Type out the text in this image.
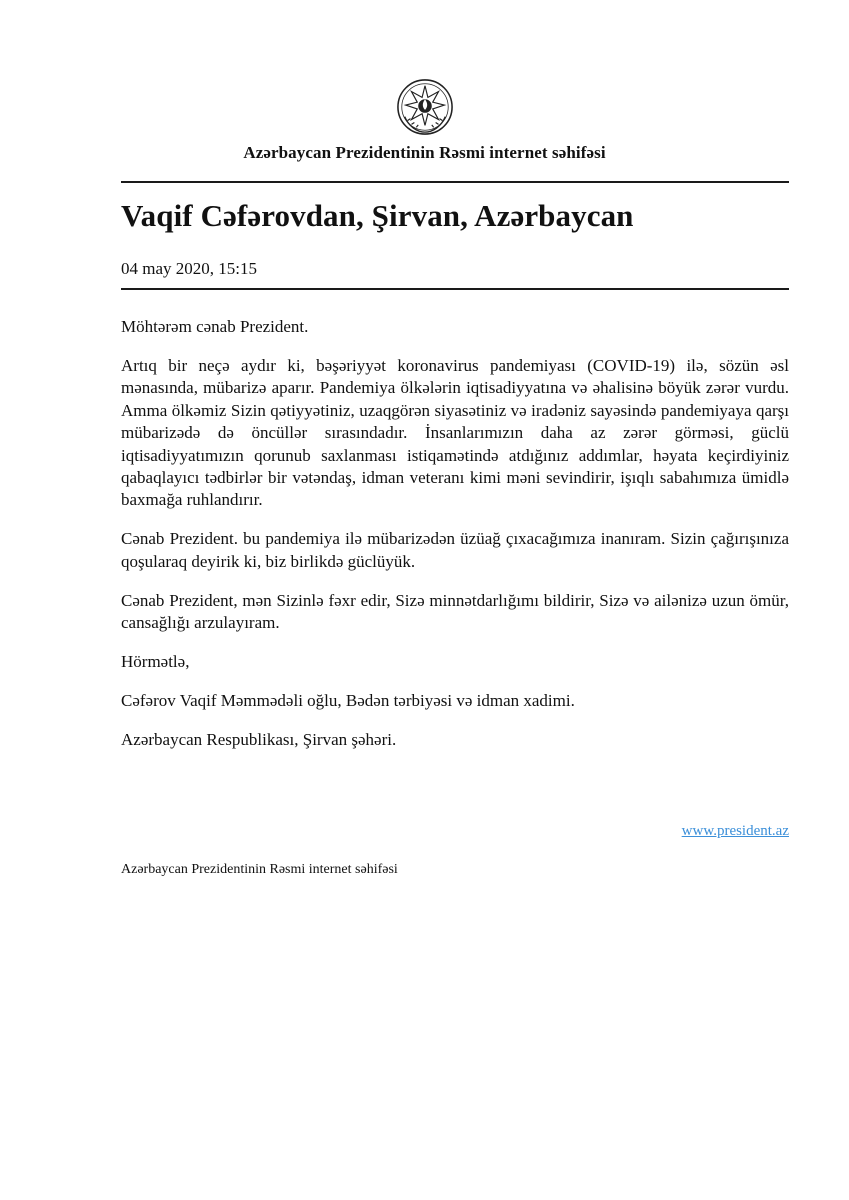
Azərbaycan Prezidentinin Rəsmi internet səhifəsi
Vaqif Cəfərovdan, Şirvan, Azərbaycan
04 may 2020, 15:15

Möhtərəm cənab Prezident.

Artıq bir neçə aydır ki, bəşəriyyət koronavirus pandemiyası (COVID-19) ilə, sözün əsl mənasında, mübarizə aparır. Pandemiya ölkələrin iqtisadiyyatına və əhalisinə böyük zərər vurdu. Amma ölkəmiz Sizin qətiyyətiniz, uzaqgörən siyasətiniz və iradəniz sayəsində pandemiyaya qarşı mübarizədə də öncüllər sırasındadır. İnsanlarımızın daha az zərər görməsi, güclü iqtisadiyyatımızın qorunub saxlanması istiqamətində atdığınız addımlar, həyata keçirdiyiniz qabaqlayıcı tədbirlər bir vətəndaş, idman veteranı kimi məni sevindirir, işıqlı sabahımıza ümidlə baxmağa ruhlandırır.

Cənab Prezident. bu pandemiya ilə mübarizədən üzüağ çıxacağımıza inanıram. Sizin çağırışınıza qoşularaq deyirik ki, biz birlikdə güclüyük.

Cənab Prezident, mən Sizinlə fəxr edir, Sizə minnətdarlığımı bildirir, Sizə və ailənizə uzun ömür, cansağlığı arzulayıram.

Hörmətlə,

Cəfərov Vaqif Məmmədəli oğlu, Bədən tərbiyəsi və idman xadimi.

Azərbaycan Respublikası, Şirvan şəhəri.

www.president.az
Azərbaycan Prezidentinin Rəsmi internet səhifəsi
